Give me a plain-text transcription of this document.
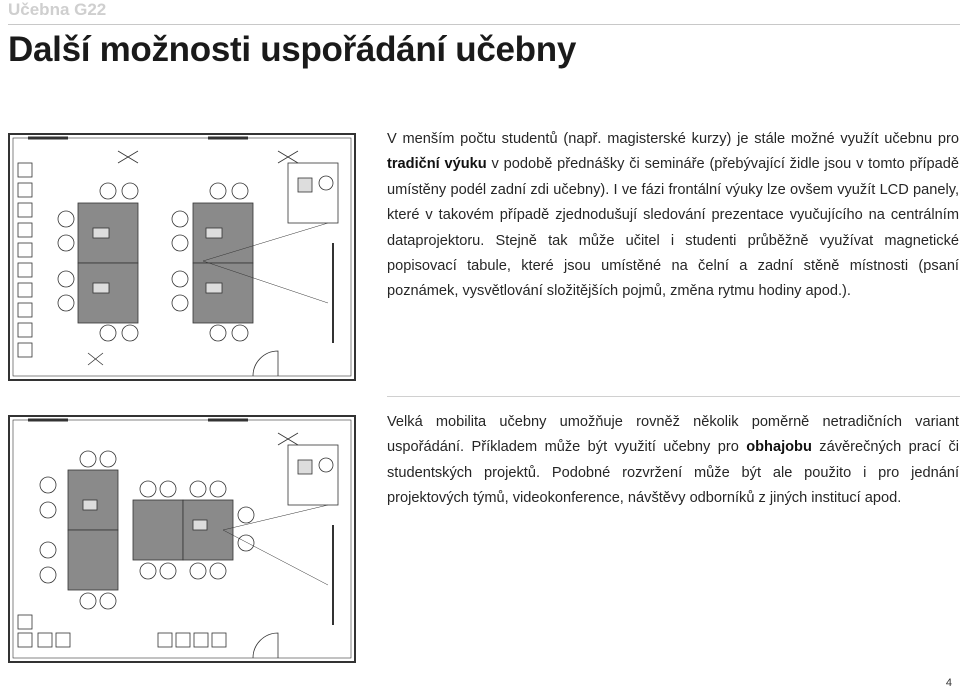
Učebna G22
Další možnosti uspořádání učebny
V menším počtu studentů (např. magisterské kurzy) je stále možné využít učebnu pro tradiční výuku v podobě přednášky či semináře (přebývající židle jsou v tomto případě umístěny podél zadní zdi učebny). I ve fázi frontální výuky lze ovšem využít LCD panely, které v takovém případě zjednodušují sledování prezentace vyučujícího na centrálním dataprojektoru. Stejně tak může učitel i studenti průběžně využívat magnetické popisovací tabule, které jsou umístěné na čelní a zadní stěně místnosti (psaní poznámek, vysvětlování složitějších pojmů, změna rytmu hodiny apod.).
Velká mobilita učebny umožňuje rovněž několik poměrně netradičních variant uspořádání. Příkladem může být využití učebny pro obhajobu závěrečných prací či studentských projektů. Podobné rozvržení může být ale použito i pro jednání projektových týmů, videokonference, návštěvy odborníků z jiných institucí apod.
4
